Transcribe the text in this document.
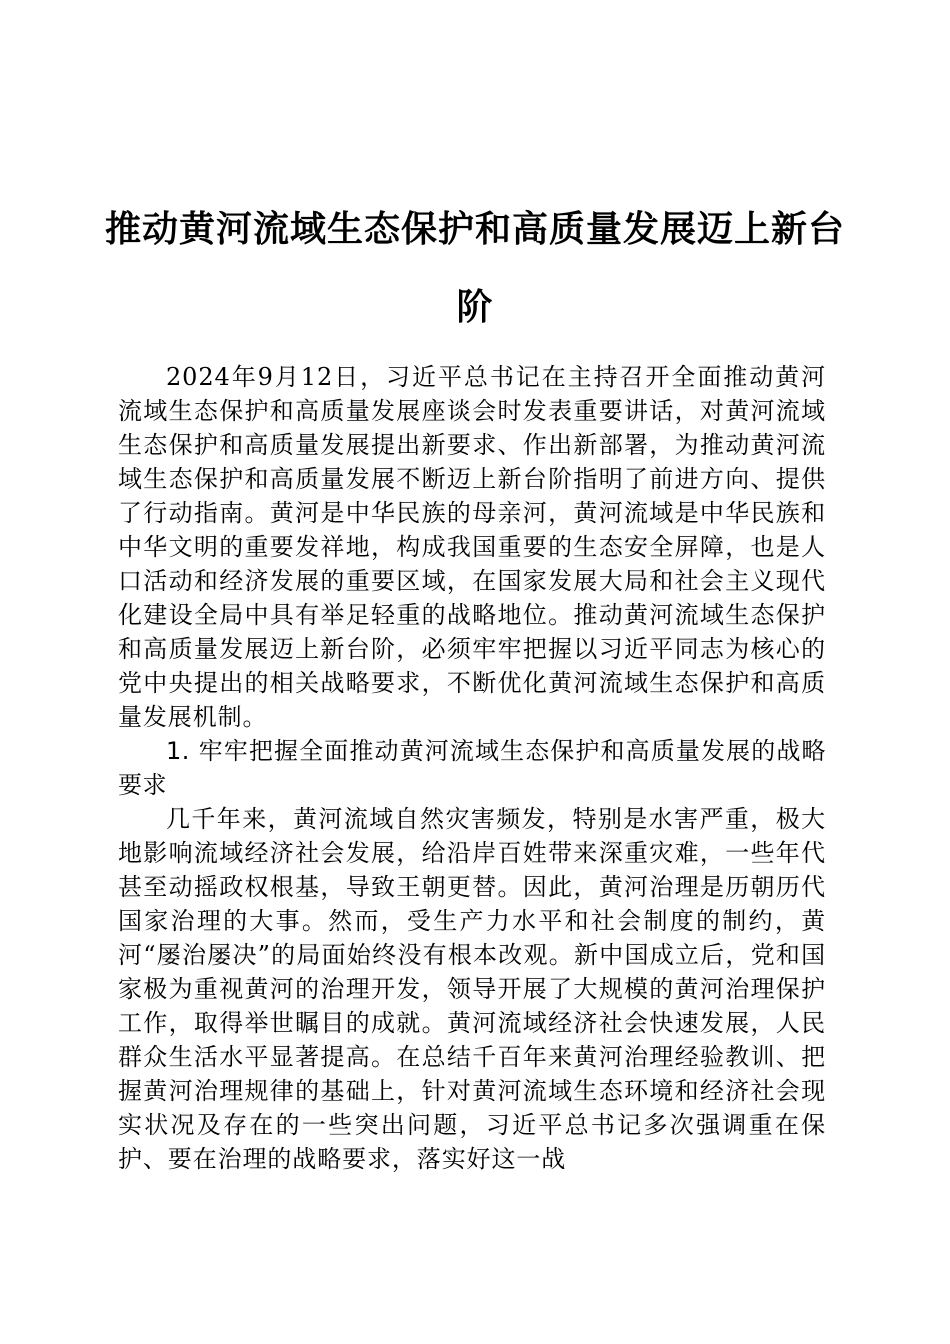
推动黄河流域生态保护和高质量发展迈上新台阶

2024年9月12日，习近平总书记在主持召开全面推动黄河流域生态保护和高质量发展座谈会时发表重要讲话，对黄河流域生态保护和高质量发展提出新要求、作出新部署，为推动黄河流域生态保护和高质量发展不断迈上新台阶指明了前进方向、提供了行动指南。黄河是中华民族的母亲河，黄河流域是中华民族和中华文明的重要发祥地，构成我国重要的生态安全屏障，也是人口活动和经济发展的重要区域，在国家发展大局和社会主义现代化建设全局中具有举足轻重的战略地位。推动黄河流域生态保护和高质量发展迈上新台阶，必须牢牢把握以习近平同志为核心的党中央提出的相关战略要求，不断优化黄河流域生态保护和高质量发展机制。

1. 牢牢把握全面推动黄河流域生态保护和高质量发展的战略要求

几千年来，黄河流域自然灾害频发，特别是水害严重，极大地影响流域经济社会发展，给沿岸百姓带来深重灾难，一些年代甚至动摇政权根基，导致王朝更替。因此，黄河治理是历朝历代国家治理的大事。然而，受生产力水平和社会制度的制约，黄河“屡治屡决”的局面始终没有根本改观。新中国成立后，党和国家极为重视黄河的治理开发，领导开展了大规模的黄河治理保护工作，取得举世瞩目的成就。黄河流域经济社会快速发展，人民群众生活水平显著提高。在总结千百年来黄河治理经验教训、把握黄河治理规律的基础上，针对黄河流域生态环境和经济社会现实状况及存在的一些突出问题，习近平总书记多次强调重在保护、要在治理的战略要求，落实好这一战
